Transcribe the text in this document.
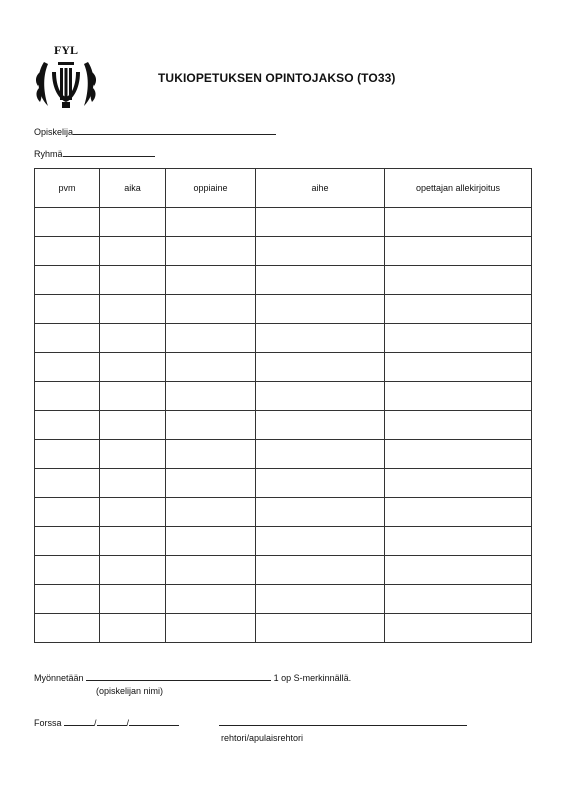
FYL
TUKIOPETUKSEN OPINTOJAKSO (TO33)
Opiskelija
Ryhmä
pvm	aika	oppiaine	aihe	opettajan allekirjoitus

Myönnetään	1 op S-merkinnällä.
(opiskelijan nimi)
Forssa	/	/
rehtori/apulaisrehtori
